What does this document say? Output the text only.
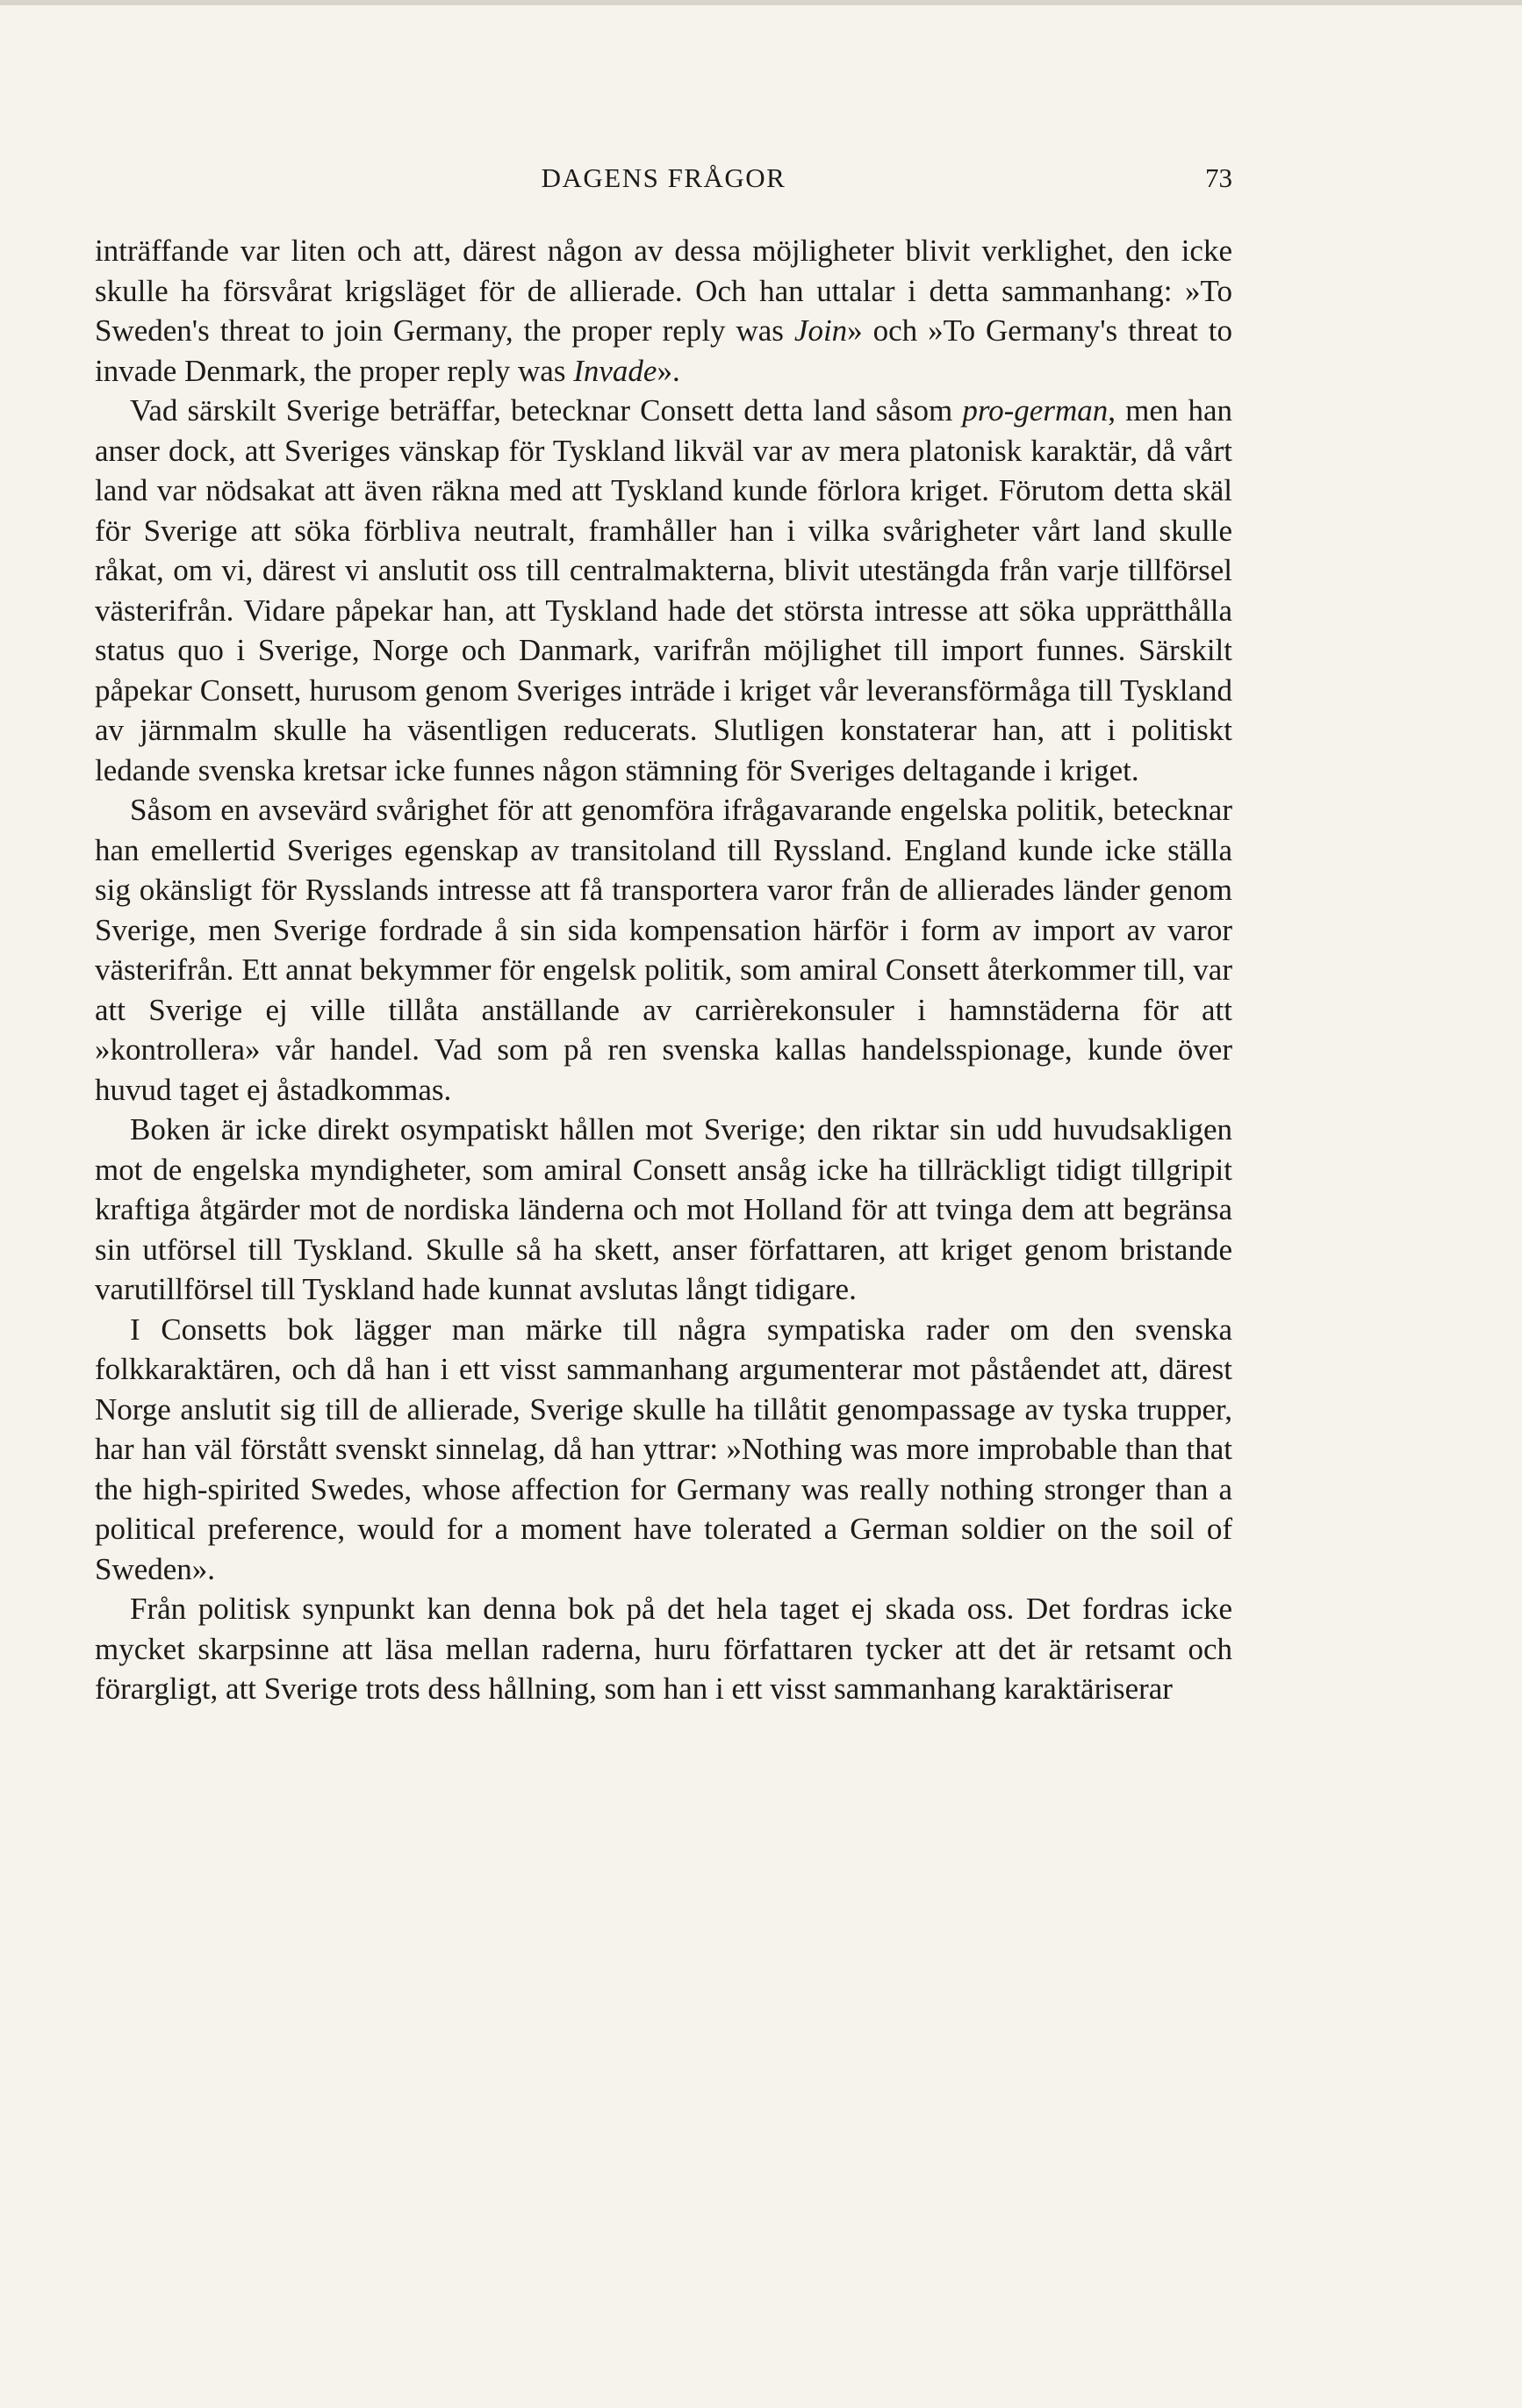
DAGENS FRÅGOR	73

inträffande var liten och att, därest någon av dessa möjligheter blivit verklighet, den icke skulle ha försvårat krigsläget för de allierade. Och han uttalar i detta sammanhang: »To Sweden's threat to join Germany, the proper reply was Join» och »To Germany's threat to invade Denmark, the proper reply was Invade».

Vad särskilt Sverige beträffar, betecknar Consett detta land såsom pro-german, men han anser dock, att Sveriges vänskap för Tyskland likväl var av mera platonisk karaktär, då vårt land var nödsakat att även räkna med att Tyskland kunde förlora kriget. Förutom detta skäl för Sverige att söka förbliva neutralt, framhåller han i vilka svårigheter vårt land skulle råkat, om vi, därest vi anslutit oss till centralmakterna, blivit utestängda från varje tillförsel västerifrån. Vidare påpekar han, att Tyskland hade det största intresse att söka upprätthålla status quo i Sverige, Norge och Danmark, varifrån möjlighet till import funnes. Särskilt påpekar Consett, hurusom genom Sveriges inträde i kriget vår leveransförmåga till Tyskland av järnmalm skulle ha väsentligen reducerats. Slutligen konstaterar han, att i politiskt ledande svenska kretsar icke funnes någon stämning för Sveriges deltagande i kriget.

Såsom en avsevärd svårighet för att genomföra ifrågavarande engelska politik, betecknar han emellertid Sveriges egenskap av transitoland till Ryssland. England kunde icke ställa sig okänsligt för Rysslands intresse att få transportera varor från de allierades länder genom Sverige, men Sverige fordrade å sin sida kompensation härför i form av import av varor västerifrån. Ett annat bekymmer för engelsk politik, som amiral Consett återkommer till, var att Sverige ej ville tillåta anställande av carrièrekonsuler i hamnstäderna för att »kontrollera» vår handel. Vad som på ren svenska kallas handelsspionage, kunde över huvud taget ej åstadkommas.

Boken är icke direkt osympatiskt hållen mot Sverige; den riktar sin udd huvudsakligen mot de engelska myndigheter, som amiral Consett ansåg icke ha tillräckligt tidigt tillgripit kraftiga åtgärder mot de nordiska länderna och mot Holland för att tvinga dem att begränsa sin utförsel till Tyskland. Skulle så ha skett, anser författaren, att kriget genom bristande varutillförsel till Tyskland hade kunnat avslutas långt tidigare.

I Consetts bok lägger man märke till några sympatiska rader om den svenska folkkaraktären, och då han i ett visst sammanhang argumenterar mot påståendet att, därest Norge anslutit sig till de allierade, Sverige skulle ha tillåtit genompassage av tyska trupper, har han väl förstått svenskt sinnelag, då han yttrar: »Nothing was more improbable than that the high-spirited Swedes, whose affection for Germany was really nothing stronger than a political preference, would for a moment have tolerated a German soldier on the soil of Sweden».

Från politisk synpunkt kan denna bok på det hela taget ej skada oss. Det fordras icke mycket skarpsinne att läsa mellan raderna, huru författaren tycker att det är retsamt och förargligt, att Sverige trots dess hållning, som han i ett visst sammanhang karaktäriserar
